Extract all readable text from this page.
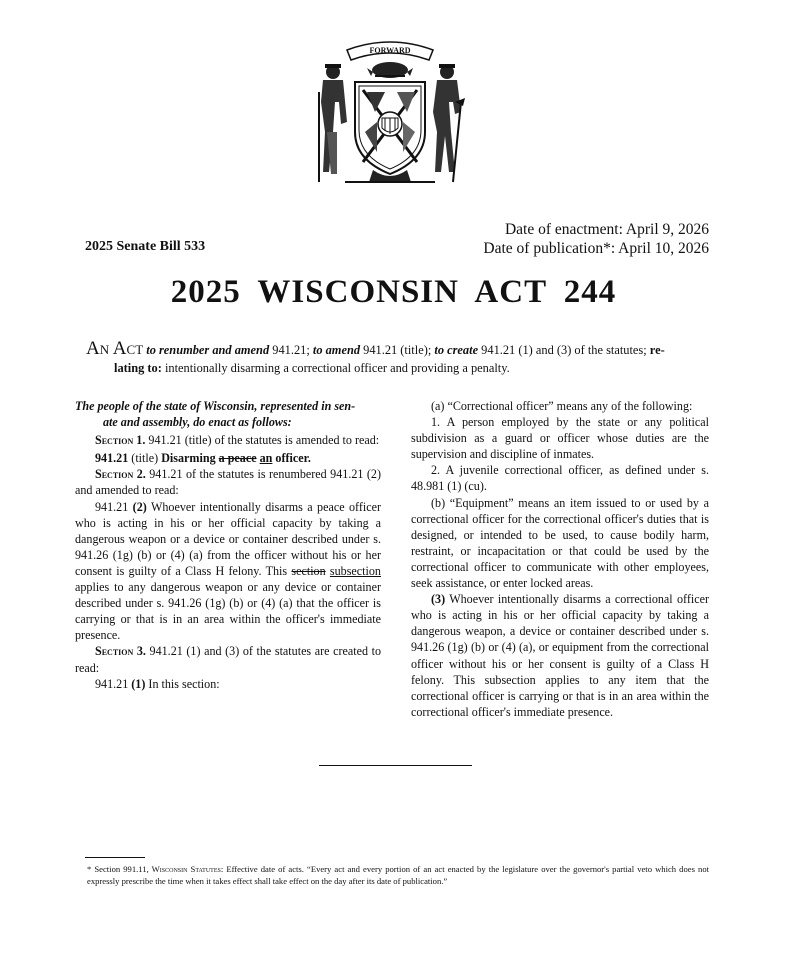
FORWARD
Date of enactment: April 9, 2026
Date of publication*: April 10, 2026
2025 Senate Bill 533
2025 WISCONSIN ACT 244
An Act to renumber and amend 941.21; to amend 941.21 (title); to create 941.21 (1) and (3) of the statutes; re-
lating to: intentionally disarming a correctional officer and providing a penalty.

The people of the state of Wisconsin, represented in sen-

ate and assembly, do enact as follows:

Section 1. 941.21 (title) of the statutes is amended to read:

941.21 (title) Disarming a peace an officer.

Section 2. 941.21 of the statutes is renumbered 941.21 (2) and amended to read:

941.21 (2) Whoever intentionally disarms a peace officer who is acting in his or her official capacity by taking a dangerous weapon or a device or container described under s. 941.26 (1g) (b) or (4) (a) from the officer without his or her consent is guilty of a Class H felony. This section subsection applies to any dangerous weapon or any device or container described under s. 941.26 (1g) (b) or (4) (a) that the officer is carrying or that is in an area within the officer's immediate presence.

Section 3. 941.21 (1) and (3) of the statutes are created to read:

941.21 (1) In this section:

(a) “Correctional officer” means any of the following:

1. A person employed by the state or any political subdivision as a guard or officer whose duties are the supervision and discipline of inmates.

2. A juvenile correctional officer, as defined under s. 48.981 (1) (cu).

(b) “Equipment” means an item issued to or used by a correctional officer for the correctional officer's duties that is designed, or intended to be used, to cause bodily harm, restraint, or incapacitation or that could be used by the correctional officer to communicate with other employees, seek assistance, or enter locked areas.

(3) Whoever intentionally disarms a correctional officer who is acting in his or her official capacity by taking a dangerous weapon, a device or container described under s. 941.26 (1g) (b) or (4) (a), or equipment from the correctional officer without his or her consent is guilty of a Class H felony. This subsection applies to any item that the correctional officer is carrying or that is in an area within the correctional officer's immediate presence.

* Section 991.11, Wisconsin Statutes: Effective date of acts. “Every act and every portion of an act enacted by the legislature over the governor's partial veto which does not expressly prescribe the time when it takes effect shall take effect on the day after its date of publication.”
